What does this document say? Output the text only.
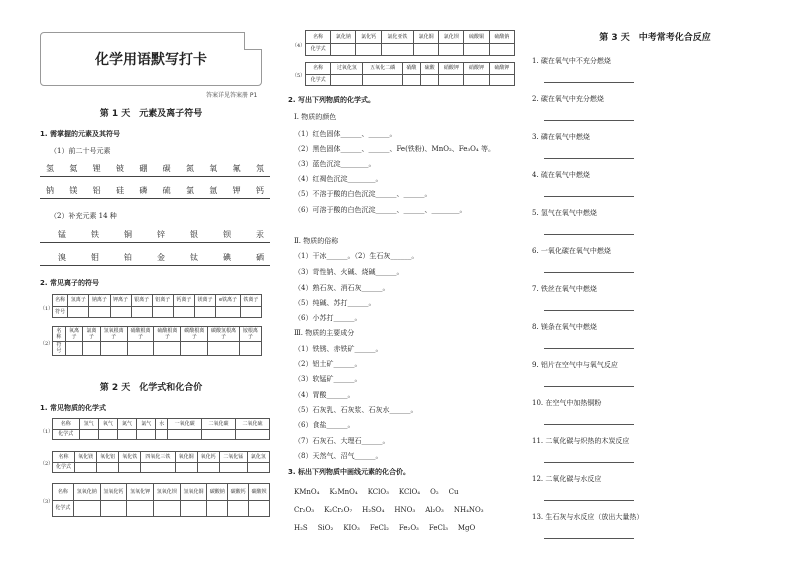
化学用语默写打卡
答案详见答案册 P1
第 1 天　元素及离子符号
1. 需掌握的元素及其符号
（1）前二十号元素
氢	氦	锂	铍	硼	碳	氮	氧	氟	氖
钠	镁	铝	硅	磷	硫	氯	氩	钾	钙
（2）补充元素 14 种
锰	铁	铜	锌	银	钡	汞
溴	钼	铂	金	钛	碘	硒
2. 常见离子的符号
（1）
名称	氢离子	钠离子	钾离子	银离子	铝离子	钙离子	镁离子	e铁离子	铁离子
符号									
（2）
名称	氧离子	氯离子	氢氧根离子	硝酸根离子	硫酸根离子	碳酸根离子	碳酸氢根离子	铵根离子
符号								
第 2 天　化学式和化合价
1. 常见物质的化学式
（1）
名称	氢气	氧气	氮气	氯气	水	一氧化碳	二氧化碳	二氧化硫
化学式								
（2）
名称	氧化镁	氧化铝	氧化铁	四氧化三铁	氧化铜	氧化钙	二氧化锰	氯化氢
化学式								
（3）
名称	氢氧化钠	氢氧化钙	氢氧化钾	氢氧化钡	氢氧化铜	碳酸钠	碳酸钙	碳酸钡
化学式								
（4）
名称	氯化钠	氯化钙	氯化亚铁	氯化铜	氯化钡	硫酸铜	硫酸钠
化学式							
（5）
名称	过氧化氢	五氧化二磷	硝酸	硫酸	硝酸钾	硝酸钾	硫酸钾
化学式							
2. 写出下列物质的化学式。
Ⅰ. 物质的颜色
（1）红色固体______、______。
（2）黑色固体______、______、Fe(铁粉)、MnO₂、Fe₃O₄ 等。
（3）蓝色沉淀________。
（4）红褐色沉淀________。
（5）不溶于酸的白色沉淀______、______。
（6）可溶于酸的白色沉淀______、______、________。
Ⅱ. 物质的俗称
（1）干冰______。（2）生石灰______。
（3）苛性钠、火碱、烧碱______。
（4）熟石灰、消石灰______。
（5）纯碱、苏打______。
（6）小苏打______。
Ⅲ. 物质的主要成分
（1）铁锈、赤铁矿______。
（2）铝土矿______。
（3）软锰矿______。
（4）胃酸______。
（5）石灰乳、石灰浆、石灰水______。
（6）食盐______。
（7）石灰石、大理石______。
（8）天然气、沼气______。
3. 标出下列物质中画线元素的化合价。
KMnO₄ K₂MnO₄ KClO₃ KClO₄ O₂ Cu
Cr₂O₃ K₂Cr₂O₇ H₂SO₄ HNO₃ Al₂O₃ NH₄NO₃
H₂S SiO₂ KIO₃ FeCl₂ Fe₂O₃ FeCl₃ MgO
第 3 天　中考常考化合反应
1. 碳在氧气中不充分燃烧
2. 碳在氧气中充分燃烧
3. 磷在氧气中燃烧
4. 硫在氧气中燃烧
5. 氢气在氧气中燃烧
6. 一氧化碳在氧气中燃烧
7. 铁丝在氧气中燃烧
8. 镁条在氧气中燃烧
9. 铝片在空气中与氧气反应
10. 在空气中加热铜粉
11. 二氧化碳与炽热的木炭反应
12. 二氧化碳与水反应
13. 生石灰与水反应（放出大量热）
